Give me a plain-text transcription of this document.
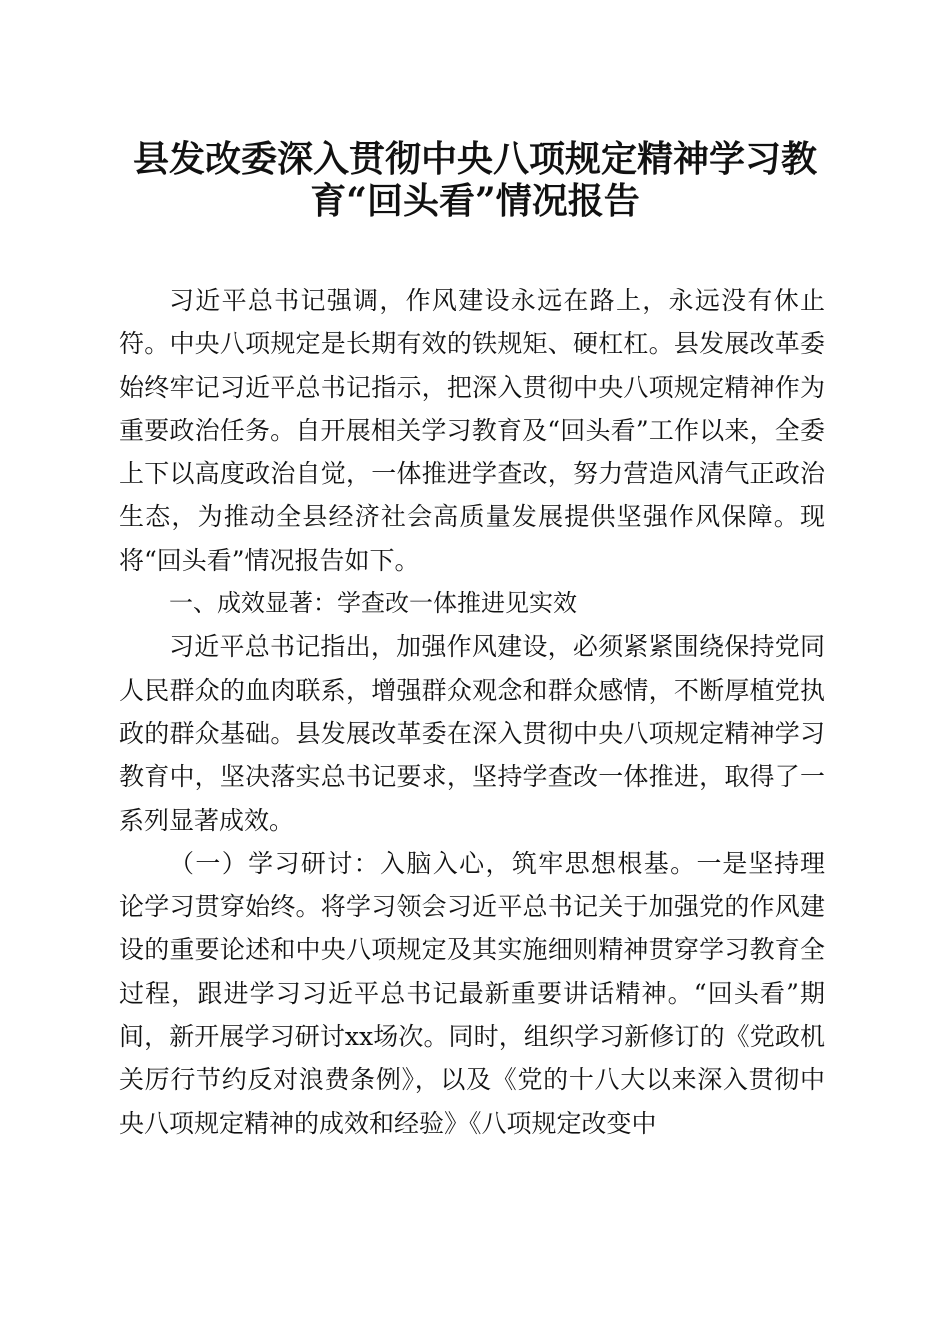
县发改委深入贯彻中央八项规定精神学习教
育“回头看”情况报告

习近平总书记强调，作风建设永远在路上，永远没有休止符。中央八项规定是长期有效的铁规矩、硬杠杠。县发展改革委始终牢记习近平总书记指示，把深入贯彻中央八项规定精神作为重要政治任务。自开展相关学习教育及“回头看”工作以来，全委上下以高度政治自觉，一体推进学查改，努力营造风清气正政治生态，为推动全县经济社会高质量发展提供坚强作风保障。现将“回头看”情况报告如下。

一、成效显著：学查改一体推进见实效

习近平总书记指出，加强作风建设，必须紧紧围绕保持党同人民群众的血肉联系，增强群众观念和群众感情，不断厚植党执政的群众基础。县发展改革委在深入贯彻中央八项规定精神学习教育中，坚决落实总书记要求，坚持学查改一体推进，取得了一系列显著成效。

（一）学习研讨：入脑入心，筑牢思想根基。一是坚持理论学习贯穿始终。将学习领会习近平总书记关于加强党的作风建设的重要论述和中央八项规定及其实施细则精神贯穿学习教育全过程，跟进学习习近平总书记最新重要讲话精神。“回头看”期间，新开展学习研讨xx场次。同时，组织学习新修订的《党政机关厉行节约反对浪费条例》，以及《党的十八大以来深入贯彻中央八项规定精神的成效和经验》《八项规定改变中
